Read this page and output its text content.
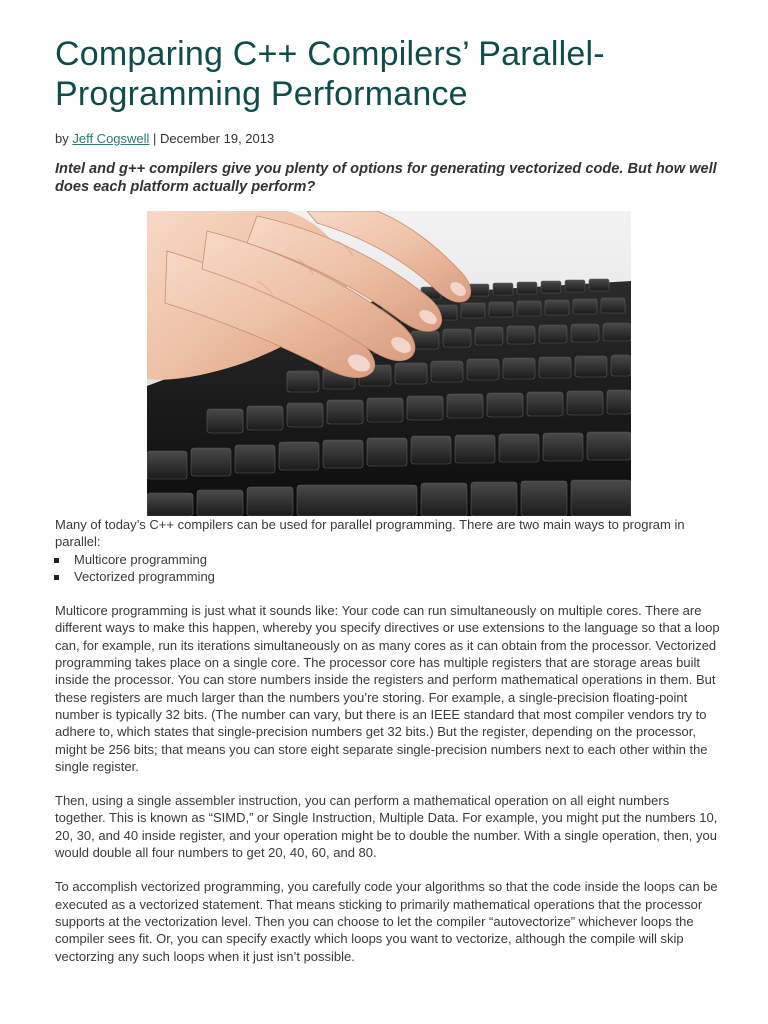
Comparing C++ Compilers’ Parallel-
Programming Performance
by Jeff Cogswell | December 19, 2013
Intel and g++ compilers give you plenty of options for generating vectorized code. But how well does each platform actually perform?

Many of today’s C++ compilers can be used for parallel programming. There are two main ways to program in parallel:

Multicore programming
Vectorized programming

Multicore programming is just what it sounds like: Your code can run simultaneously on multiple cores. There are different ways to make this happen, whereby you specify directives or use extensions to the language so that a loop can, for example, run its iterations simultaneously on as many cores as it can obtain from the processor. Vectorized programming takes place on a single core. The processor core has multiple registers that are storage areas built inside the processor. You can store numbers inside the registers and perform mathematical operations in them. But these registers are much larger than the numbers you’re storing. For example, a single-precision floating-point number is typically 32 bits. (The number can vary, but there is an IEEE standard that most compiler vendors try to adhere to, which states that single-precision numbers get 32 bits.) But the register, depending on the processor, might be 256 bits; that means you can store eight separate single-precision numbers next to each other within the single register.

Then, using a single assembler instruction, you can perform a mathematical operation on all eight numbers together. This is known as “SIMD,” or Single Instruction, Multiple Data. For example, you might put the numbers 10, 20, 30, and 40 inside register, and your operation might be to double the number. With a single operation, then, you would double all four numbers to get 20, 40, 60, and 80.

To accomplish vectorized programming, you carefully code your algorithms so that the code inside the loops can be executed as a vectorized statement. That means sticking to primarily mathematical operations that the processor supports at the vectorization level. Then you can choose to let the compiler “autovectorize” whichever loops the compiler sees fit. Or, you can specify exactly which loops you want to vectorize, although the compile will skip vectorzing any such loops when it just isn’t possible.
